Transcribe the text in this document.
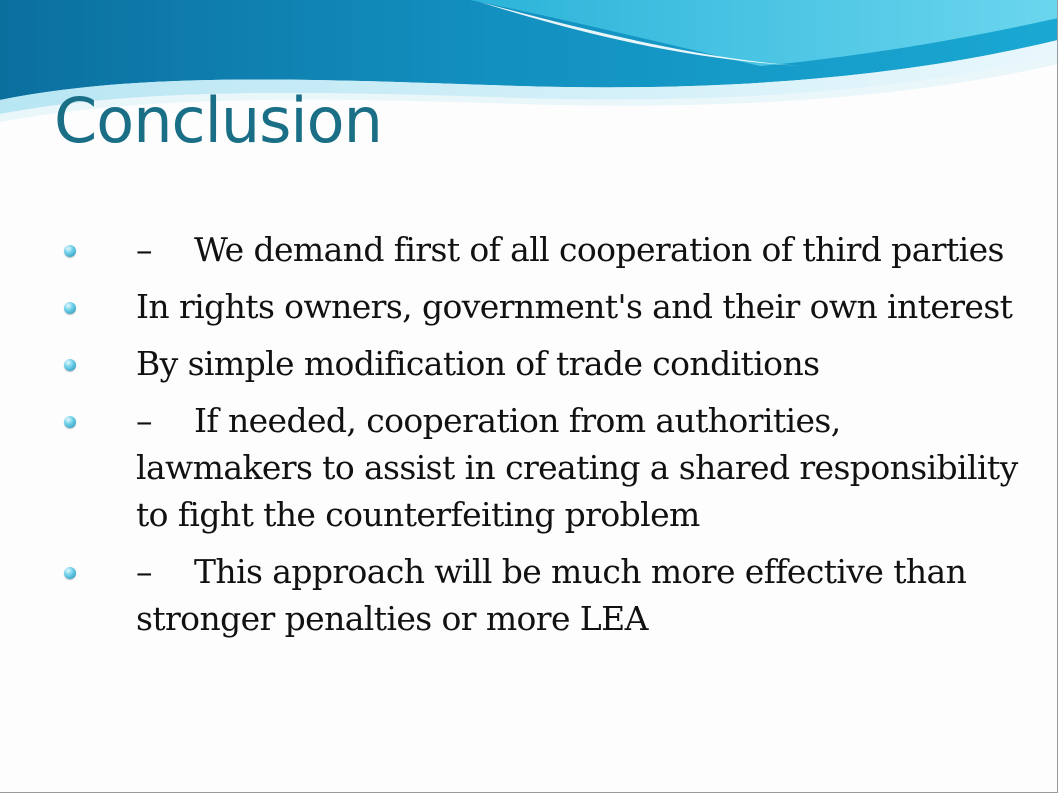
Conclusion
– We demand first of all cooperation of third parties
In rights owners, government's and their own interest
By simple modification of trade conditions
– If needed, cooperation from authorities, lawmakers to assist in creating a shared responsibility to fight the counterfeiting problem
– This approach will be much more effective than stronger penalties or more LEA
